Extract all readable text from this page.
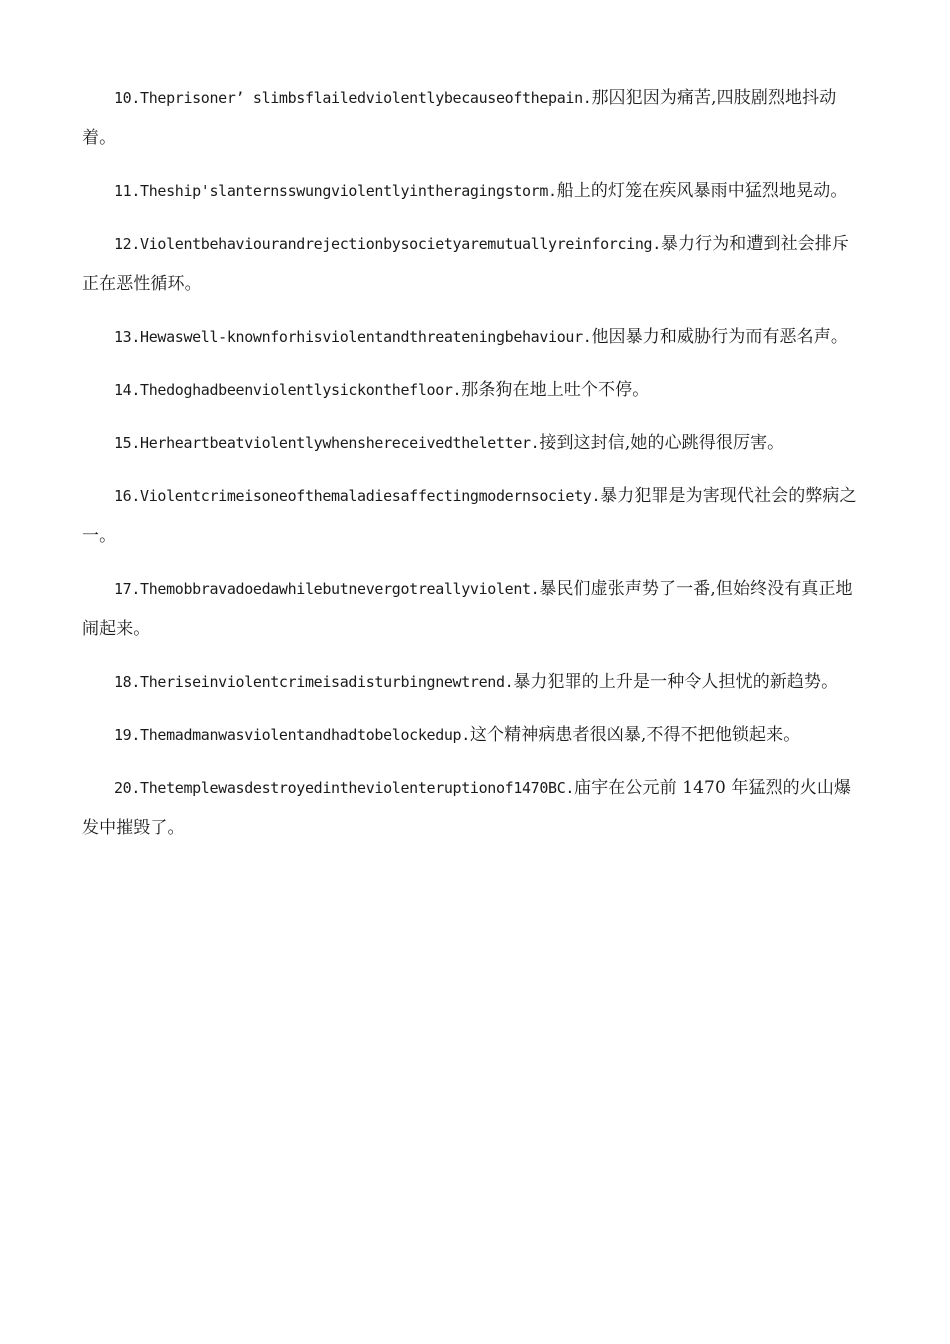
10.Theprisoner’ slimbsflailedviolentlybecauseofthepain.那囚犯因为痛苦,四肢剧烈地抖动着。

11.Theship'slanternsswungviolentlyintheragingstorm.船上的灯笼在疾风暴雨中猛烈地晃动。

12.Violentbehaviourandrejectionbysocietyaremutuallyreinforcing.暴力行为和遭到社会排斥正在恶性循环。

13.Hewaswell-knownforhisviolentandthreateningbehaviour.他因暴力和威胁行为而有恶名声。

14.Thedoghadbeenviolentlysickonthefloor.那条狗在地上吐个不停。

15.Herheartbeatviolentlywhenshereceivedtheletter.接到这封信,她的心跳得很厉害。

16.Violentcrimeisoneofthemaladiesaffectingmodernsociety.暴力犯罪是为害现代社会的弊病之一。

17.Themobbravadoedawhilebutnevergotreallyviolent.暴民们虚张声势了一番,但始终没有真正地闹起来。

18.Theriseinviolentcrimeisadisturbingnewtrend.暴力犯罪的上升是一种令人担忧的新趋势。

19.Themadmanwasviolentandhadtobelockedup.这个精神病患者很凶暴,不得不把他锁起来。

20.Thetemplewasdestroyedintheviolenteruptionof1470BC.庙宇在公元前 1470 年猛烈的火山爆发中摧毁了。
